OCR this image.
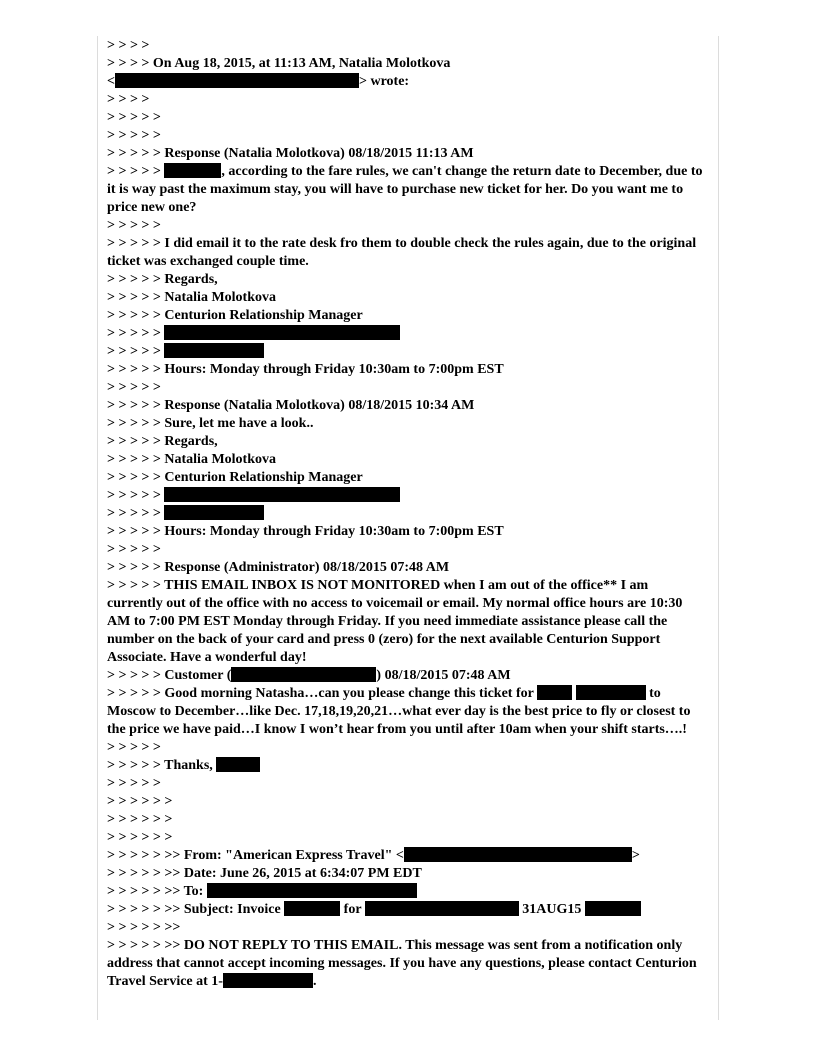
> > > >
> > > > On Aug 18, 2015, at 11:13 AM, Natalia Molotkova
<	> wrote:
> > > >
> > > > >
> > > > >
> > > > > Response (Natalia Molotkova) 08/18/2015 11:13 AM
> > > > >	, according to the fare rules, we can't change the return date to December, due to it is way past the maximum stay, you will have to purchase new ticket for her. Do you want me to price new one?
> > > > >
> > > > > I did email it to the rate desk fro them to double check the rules again, due to the original ticket was exchanged couple time.
> > > > > Regards,
> > > > > Natalia Molotkova
> > > > > Centurion Relationship Manager
> > > > >
> > > > >
> > > > > Hours: Monday through Friday 10:30am to 7:00pm EST
> > > > >
> > > > > Response (Natalia Molotkova) 08/18/2015 10:34 AM
> > > > > Sure, let me have a look..
> > > > > Regards,
> > > > > Natalia Molotkova
> > > > > Centurion Relationship Manager
> > > > >
> > > > >
> > > > > Hours: Monday through Friday 10:30am to 7:00pm EST
> > > > >
> > > > > Response (Administrator) 08/18/2015 07:48 AM
> > > > > THIS EMAIL INBOX IS NOT MONITORED when I am out of the office** I am currently out of the office with no access to voicemail or email. My normal office hours are 10:30 AM to 7:00 PM EST Monday through Friday. If you need immediate assistance please call the number on the back of your card and press 0 (zero) for the next available Centurion Support Associate. Have a wonderful day!
> > > > > Customer (	) 08/18/2015 07:48 AM
> > > > > Good morning Natasha…can you please change this ticket for	to Moscow to December…like Dec. 17,18,19,20,21…what ever day is the best price to fly or closest to the price we have paid…I know I won’t hear from you until after 10am when your shift starts….!
> > > > >
> > > > > Thanks,
> > > > >
> > > > > >
> > > > > >
> > > > > >
> > > > > >> From: "American Express Travel" <	>
> > > > > >> Date: June 26, 2015 at 6:34:07 PM EDT
> > > > > >> To:
> > > > > >> Subject: Invoice	for	31AUG15
> > > > > >>
> > > > > >> DO NOT REPLY TO THIS EMAIL. This message was sent from a notification only address that cannot accept incoming messages. If you have any questions, please contact Centurion Travel Service at 1-	.
